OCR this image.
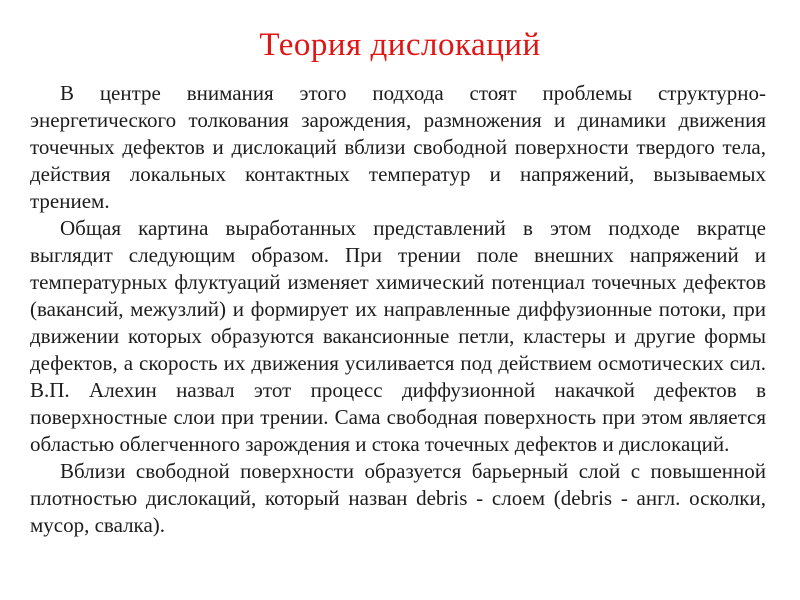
Теория дислокаций

В центре внимания этого подхода стоят проблемы структурно-энергетического толкования зарождения, размножения и динамики движения точечных дефектов и дислокаций вблизи свободной поверхности твердого тела, действия локальных контактных температур и напряжений, вызываемых трением.

Общая картина выработанных представлений в этом подходе вкратце выглядит следующим образом. При трении поле внешних напряжений и температурных флуктуаций изменяет химический потенциал точечных дефектов (вакансий, межузлий) и формирует их направленные диффузионные потоки, при движении которых образуются вакансионные петли, кластеры и другие формы дефектов, а скорость их движения усиливается под действием осмотических сил. В.П. Алехин назвал этот процесс диффузионной накачкой дефектов в поверхностные слои при трении. Сама свободная поверхность при этом является областью облегченного зарождения и стока точечных дефектов и дислокаций.

Вблизи свободной поверхности образуется барьерный слой с повышенной плотностью дислокаций, который назван debris - слоем (debris - англ. осколки, мусор, свалка).
